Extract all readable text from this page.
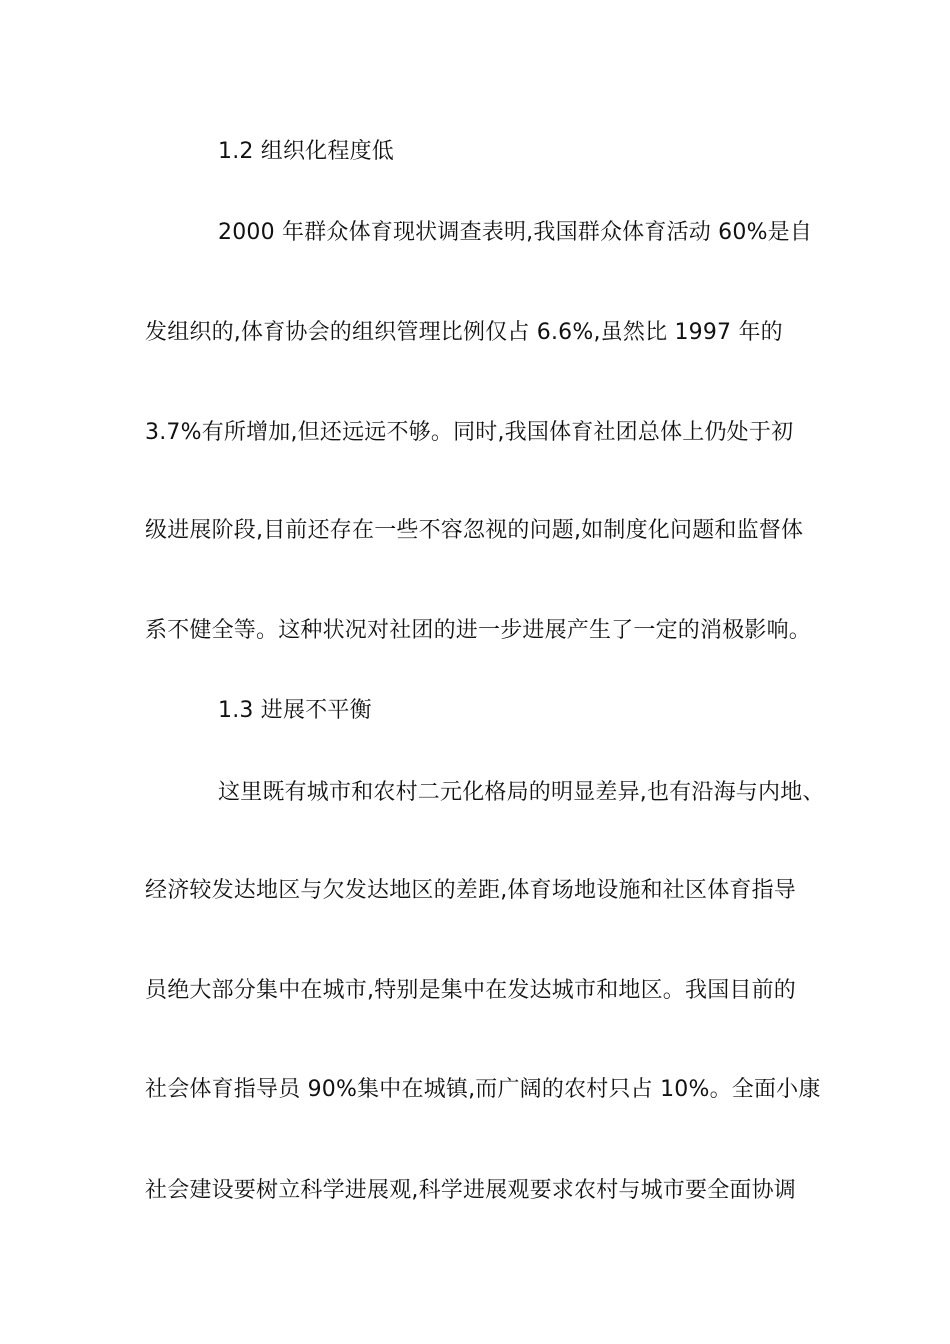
1.2 组织化程度低
2000 年群众体育现状调查表明,我国群众体育活动 60%是自
发组织的,体育协会的组织管理比例仅占 6.6%,虽然比 1997 年的
3.7%有所增加,但还远远不够。同时,我国体育社团总体上仍处于初
级进展阶段,目前还存在一些不容忽视的问题,如制度化问题和监督体
系不健全等。这种状况对社团的进一步进展产生了一定的消极影响。
1.3 进展不平衡
这里既有城市和农村二元化格局的明显差异,也有沿海与内地、
经济较发达地区与欠发达地区的差距,体育场地设施和社区体育指导
员绝大部分集中在城市,特别是集中在发达城市和地区。我国目前的
社会体育指导员 90%集中在城镇,而广阔的农村只占 10%。全面小康
社会建设要树立科学进展观,科学进展观要求农村与城市要全面协调
